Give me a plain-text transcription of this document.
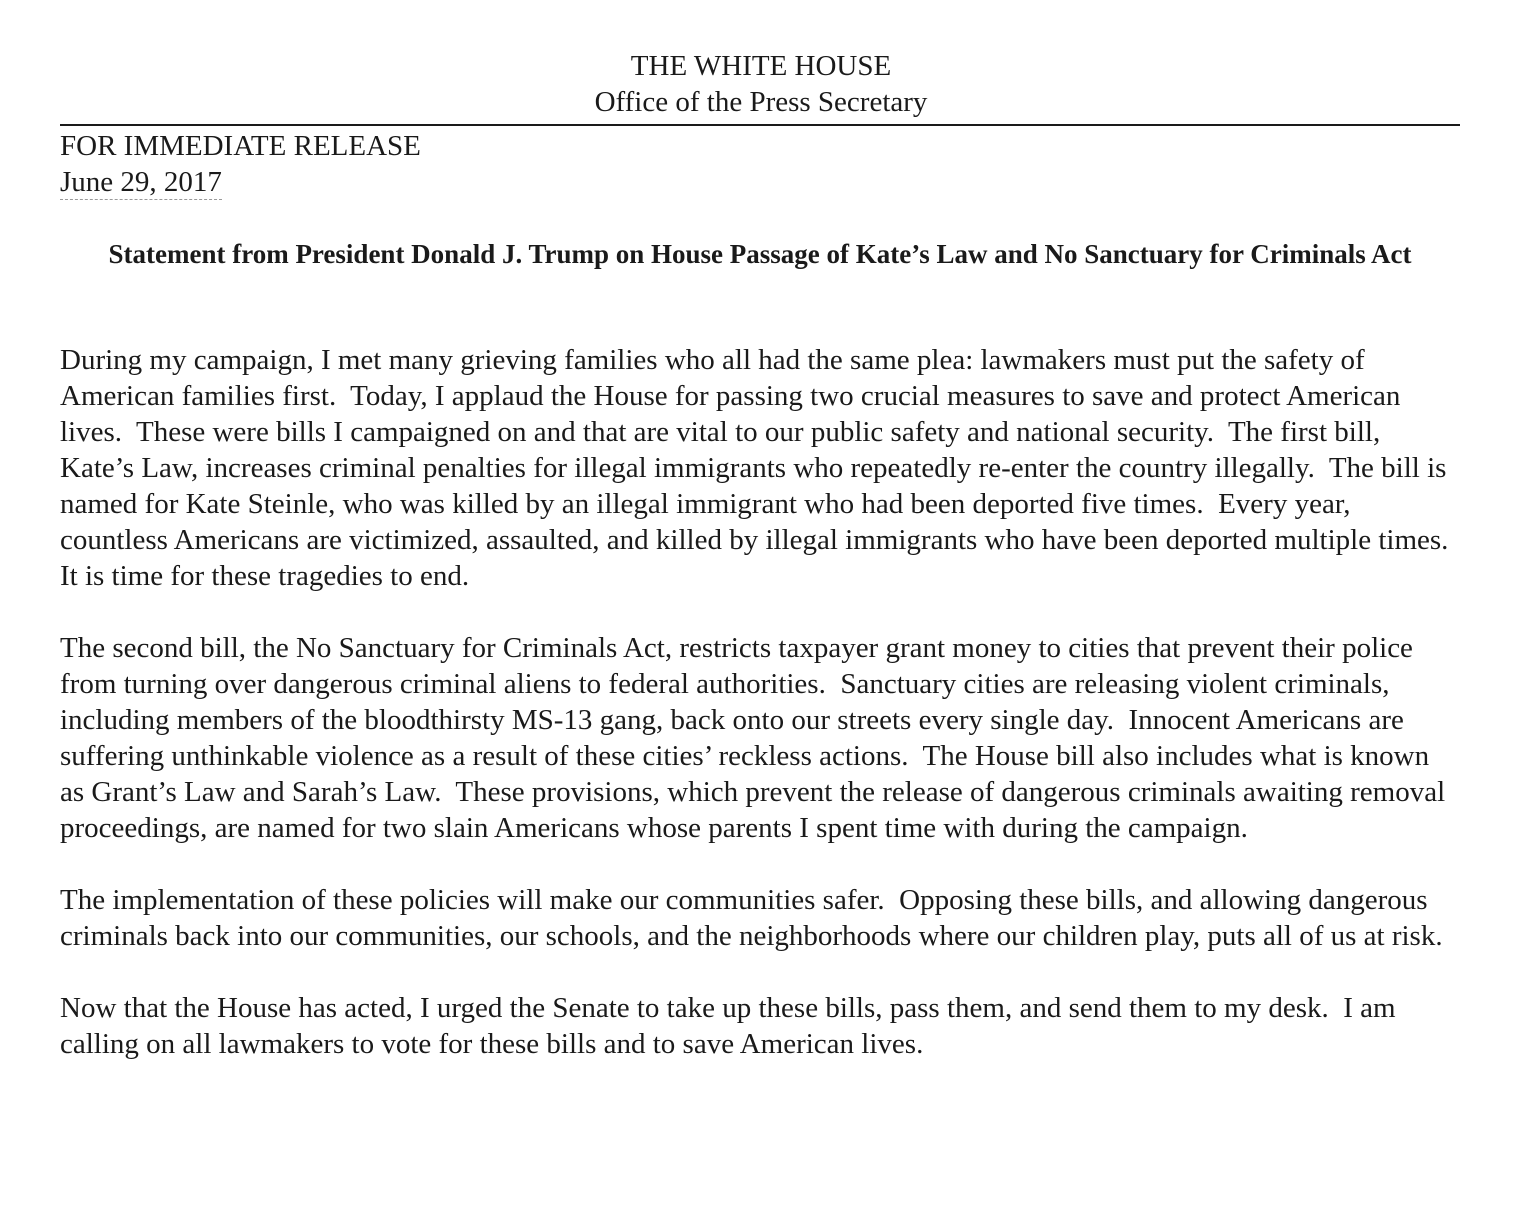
THE WHITE HOUSE
Office of the Press Secretary
FOR IMMEDIATE RELEASE
June 29, 2017
Statement from President Donald J. Trump on House Passage of Kate’s Law and No Sanctuary for Criminals Act

During my campaign, I met many grieving families who all had the same plea: lawmakers must put the safety of American families first.  Today, I applaud the House for passing two crucial measures to save and protect American lives.  These were bills I campaigned on and that are vital to our public safety and national security.  The first bill, Kate’s Law, increases criminal penalties for illegal immigrants who repeatedly re-enter the country illegally.  The bill is named for Kate Steinle, who was killed by an illegal immigrant who had been deported five times.  Every year, countless Americans are victimized, assaulted, and killed by illegal immigrants who have been deported multiple times.  It is time for these tragedies to end.

The second bill, the No Sanctuary for Criminals Act, restricts taxpayer grant money to cities that prevent their police from turning over dangerous criminal aliens to federal authorities.  Sanctuary cities are releasing violent criminals, including members of the bloodthirsty MS-13 gang, back onto our streets every single day.  Innocent Americans are suffering unthinkable violence as a result of these cities’ reckless actions.  The House bill also includes what is known as Grant’s Law and Sarah’s Law.  These provisions, which prevent the release of dangerous criminals awaiting removal proceedings, are named for two slain Americans whose parents I spent time with during the campaign.

The implementation of these policies will make our communities safer.  Opposing these bills, and allowing dangerous criminals back into our communities, our schools, and the neighborhoods where our children play, puts all of us at risk.

Now that the House has acted, I urged the Senate to take up these bills, pass them, and send them to my desk.  I am calling on all lawmakers to vote for these bills and to save American lives.
